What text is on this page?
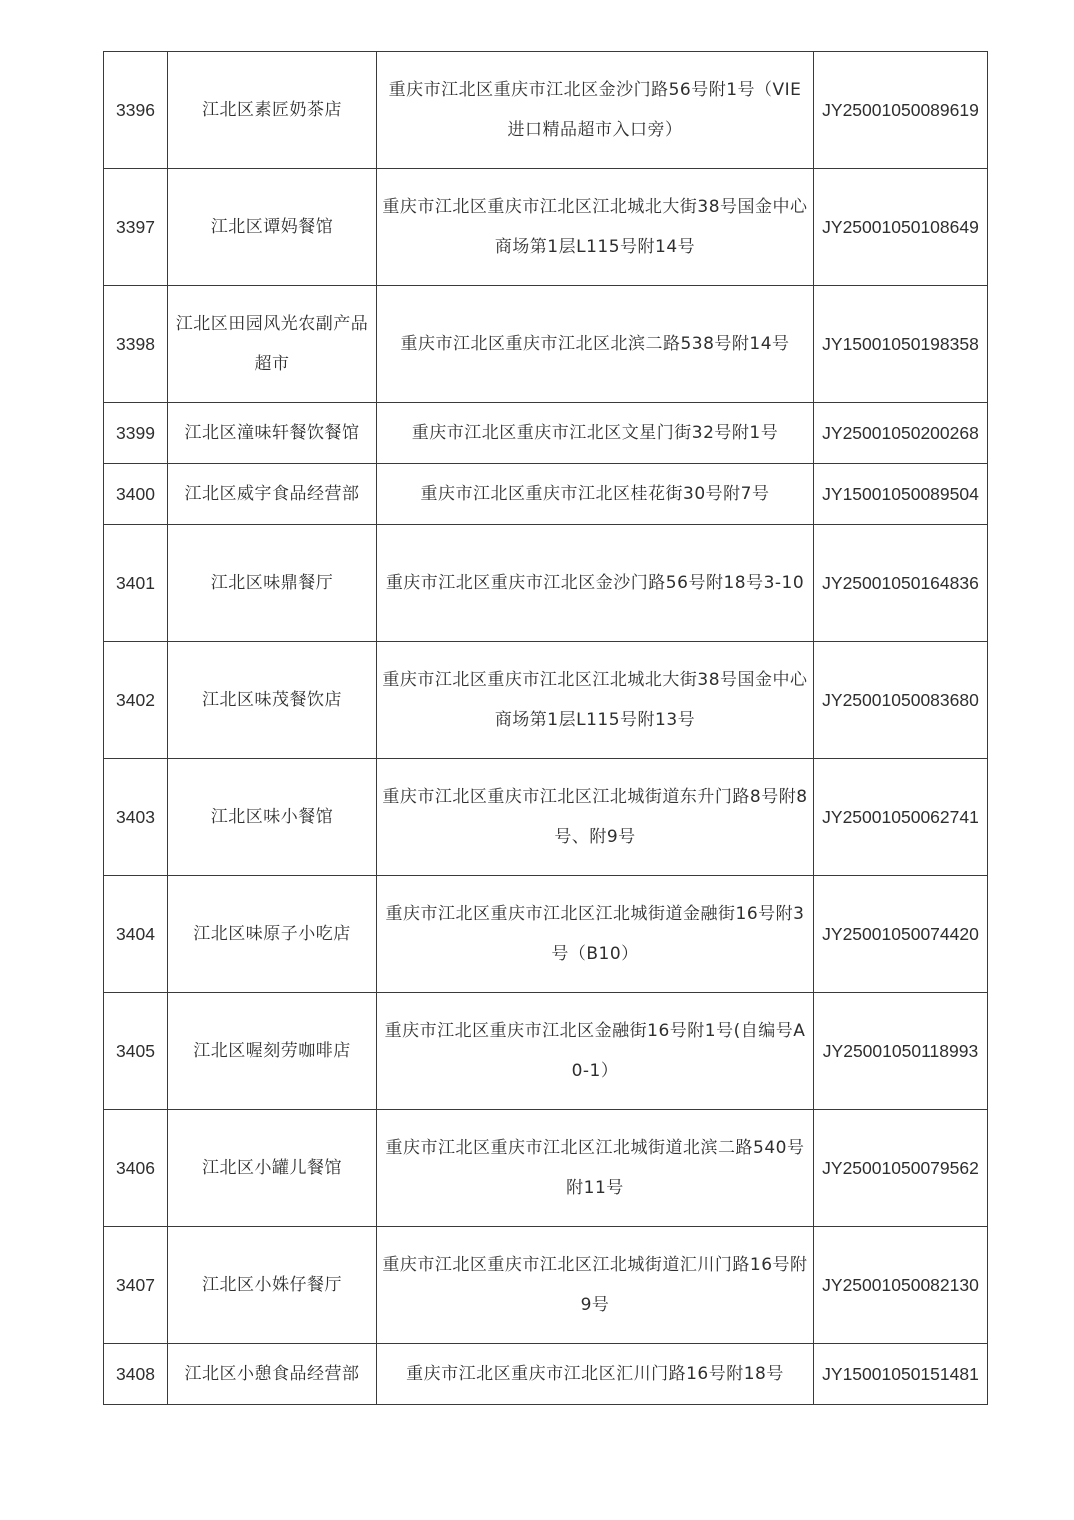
3396	江北区素匠奶茶店	重庆市江北区重庆市江北区金沙门路56号附1号（VIE进口精品超市入口旁）	JY25001050089619
3397	江北区谭妈餐馆	重庆市江北区重庆市江北区江北城北大街38号国金中心商场第1层L115号附14号	JY25001050108649
3398	江北区田园风光农副产品超市	重庆市江北区重庆市江北区北滨二路538号附14号	JY15001050198358
3399	江北区潼味轩餐饮餐馆	重庆市江北区重庆市江北区文星门街32号附1号	JY25001050200268
3400	江北区威宇食品经营部	重庆市江北区重庆市江北区桂花街30号附7号	JY15001050089504
3401	江北区味鼎餐厅	重庆市江北区重庆市江北区金沙门路56号附18号3-10	JY25001050164836
3402	江北区味茂餐饮店	重庆市江北区重庆市江北区江北城北大街38号国金中心商场第1层L115号附13号	JY25001050083680
3403	江北区味小餐馆	重庆市江北区重庆市江北区江北城街道东升门路8号附8号、附9号	JY25001050062741
3404	江北区味原子小吃店	重庆市江北区重庆市江北区江北城街道金融街16号附3号（B10）	JY25001050074420
3405	江北区喔刻劳咖啡店	重庆市江北区重庆市江北区金融街16号附1号(自编号A0-1）	JY25001050118993
3406	江北区小罐儿餐馆	重庆市江北区重庆市江北区江北城街道北滨二路540号附11号	JY25001050079562
3407	江北区小姝仔餐厅	重庆市江北区重庆市江北区江北城街道汇川门路16号附9号	JY25001050082130
3408	江北区小憩食品经营部	重庆市江北区重庆市江北区汇川门路16号附18号	JY15001050151481
